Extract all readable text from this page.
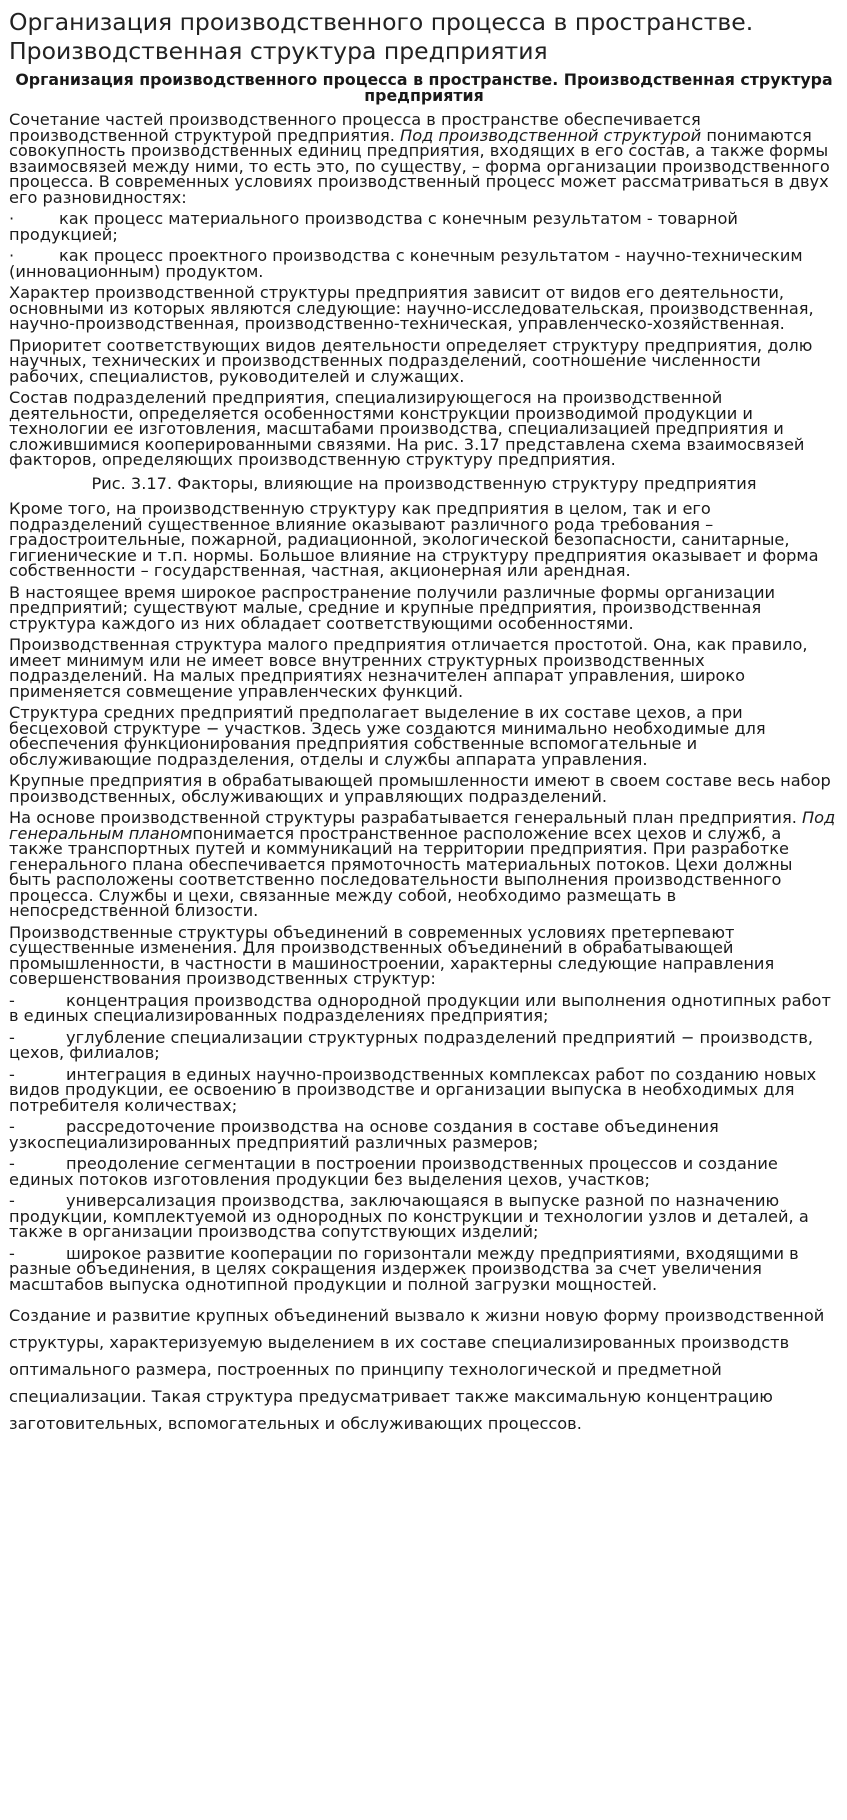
Организация производственного процесса в пространстве. Производственная структура предприятия
Организация производственного процесса в пространстве. Производственная структура предприятия

Сочетание частей производственного процесса в пространстве обеспечивается производственной структурой предприятия. Под производственной структурой понимаются совокупность производственных единиц предприятия, входящих в его состав, а также формы взаимосвязей между ними, то есть это, по существу, – форма организации производственного процесса. В современных условиях производственный процесс может рассматриваться в двух его разновидностях:

·	как процесс материального производства с конечным результатом - товарной продукцией;

·	как процесс проектного производства с конечным результатом - научно-техническим (инновационным) продуктом.

Характер производственной структуры предприятия зависит от видов его деятельности, основными из которых являются следующие: научно-исследовательская, производственная, научно-производственная, производственно-техническая, управленческо-хозяйственная.

Приоритет соответствующих видов деятельности определяет структуру предприятия, долю научных, технических и производственных подразделений, соотношение численности рабочих, специалистов, руководителей и служащих.

Состав подразделений предприятия, специализирующегося на производственной деятельности, определяется особенностями конструкции производимой продукции и технологии ее изготовления, масштабами производства, специализацией предприятия и сложившимися кооперированными связями. На рис. 3.17 представлена схема взаимосвязей факторов, определяющих производственную структуру предприятия.

Рис. 3.17. Факторы, влияющие на производственную структуру предприятия

Кроме того, на производственную структуру как предприятия в целом, так и его подразделений существенное влияние оказывают различного рода требования – градостроительные, пожарной, радиационной, экологической безопасности, санитарные, гигиенические и т.п. нормы. Большое влияние на структуру предприятия оказывает и форма собственности – государственная, частная, акционерная или арендная.

В настоящее время широкое распространение получили различные формы организации предприятий; существуют малые, средние и крупные предприятия, производственная структура каждого из них обладает соответствующими особенностями.

Производственная структура малого предприятия отличается простотой. Она, как правило, имеет минимум или не имеет вовсе внутренних структурных производственных подразделений. На малых предприятиях незначителен аппарат управления, широко применяется совмещение управленческих функций.

Структура средних предприятий предполагает выделение в их составе цехов, а при бесцеховой структуре − участков. Здесь уже создаются минимально необходимые для обеспечения функционирования предприятия собственные вспомогательные и обслуживающие подразделения, отделы и службы аппарата управления.

Крупные предприятия в обрабатывающей промышленности имеют в своем составе весь набор производственных, обслуживающих и управляющих подразделений.

На основе производственной структуры разрабатывается генеральный план предприятия. Под генеральным планомпонимается пространственное расположение всех цехов и служб, а также транспортных путей и коммуникаций на территории предприятия. При разработке генерального плана обеспечивается прямоточность материальных потоков. Цехи должны быть расположены соответственно последовательности выполнения производственного процесса. Службы и цехи, связанные между собой, необходимо размещать в непосредственной близости.

Производственные структуры объединений в современных условиях претерпевают существенные изменения. Для производственных объединений в обрабатывающей промышленности, в частности в машиностроении, характерны следующие направления совершенствования производственных структур:

-	концентрация производства однородной продукции или выполнения однотипных работ в единых специализированных подразделениях предприятия;

-	углубление специализации структурных подразделений предприятий − производств, цехов, филиалов;

-	интеграция в единых научно-производственных комплексах работ по созданию новых видов продукции, ее освоению в производстве и организации выпуска в необходимых для потребителя количествах;

-	рассредоточение производства на основе создания в составе объединения узкоспециализированных предприятий различных размеров;

-	преодоление сегментации в построении производственных процессов и создание единых потоков изготовления продукции без выделения цехов, участков;

-	универсализация производства, заключающаяся в выпуске разной по назначению продукции, комплектуемой из однородных по конструкции и технологии узлов и деталей, а также в организации производства сопутствующих изделий;

-	широкое развитие кооперации по горизонтали между предприятиями, входящими в разные объединения, в целях сокращения издержек производства за счет увеличения масштабов выпуска однотипной продукции и полной загрузки мощностей.

Создание и развитие крупных объединений вызвало к жизни новую форму производственной структуры, характеризуемую выделением в их составе специализированных производств оптимального размера, построенных по принципу технологической и предметной специализации. Такая структура предусматривает также максимальную концентрацию заготовительных, вспомогательных и обслуживающих процессов.
